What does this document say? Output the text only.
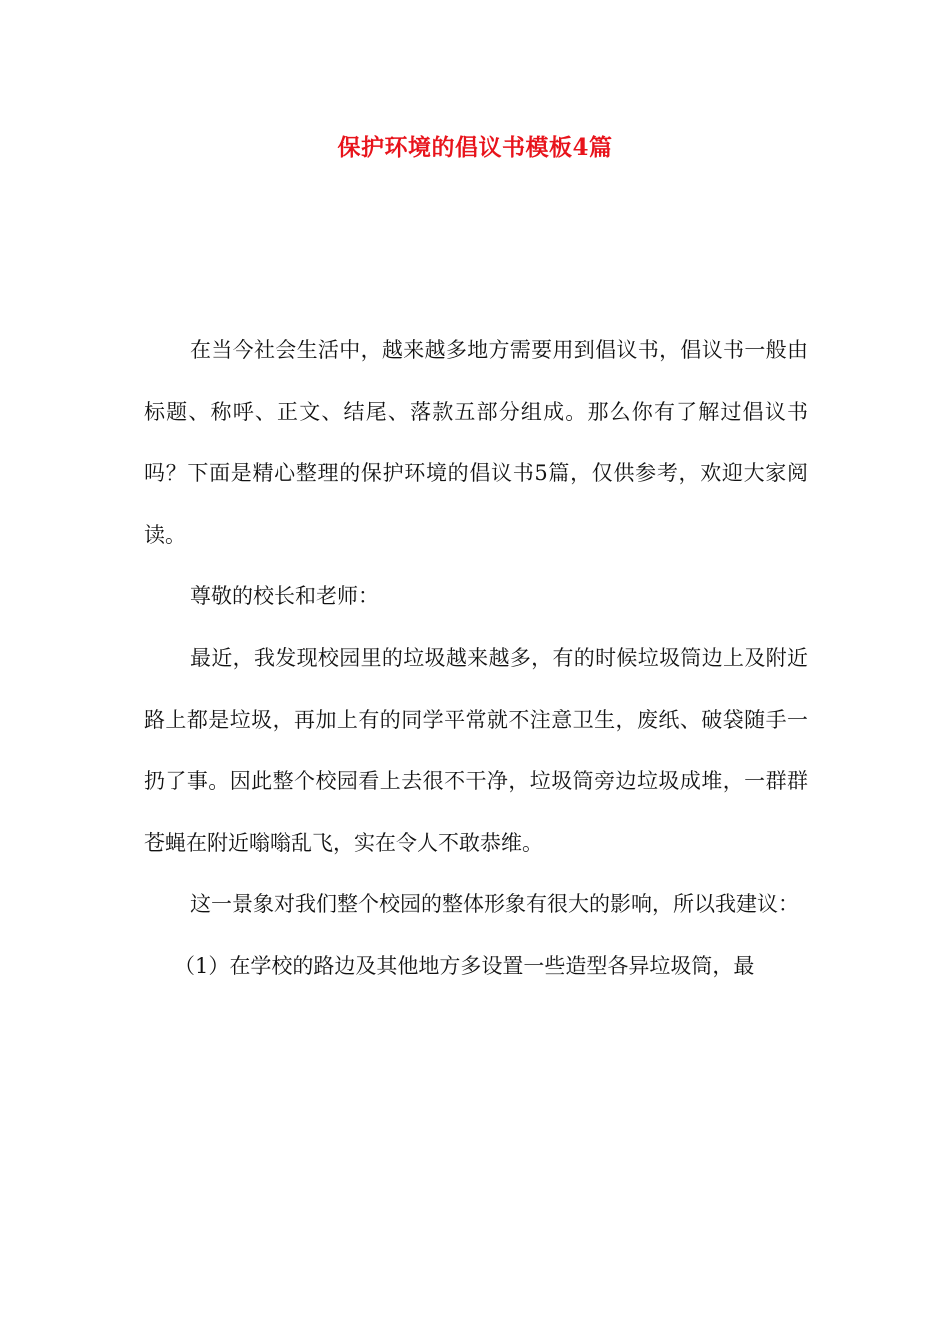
保护环境的倡议书模板4篇

在当今社会生活中，越来越多地方需要用到倡议书，倡议书一般由标题、称呼、正文、结尾、落款五部分组成。那么你有了解过倡议书吗？下面是精心整理的保护环境的倡议书5篇，仅供参考，欢迎大家阅读。

尊敬的校长和老师：

最近，我发现校园里的垃圾越来越多，有的时候垃圾筒边上及附近路上都是垃圾，再加上有的同学平常就不注意卫生，废纸、破袋随手一扔了事。因此整个校园看上去很不干净，垃圾筒旁边垃圾成堆，一群群苍蝇在附近嗡嗡乱飞，实在令人不敢恭维。

这一景象对我们整个校园的整体形象有很大的影响，所以我建议：

（1）在学校的路边及其他地方多设置一些造型各异垃圾筒，最
